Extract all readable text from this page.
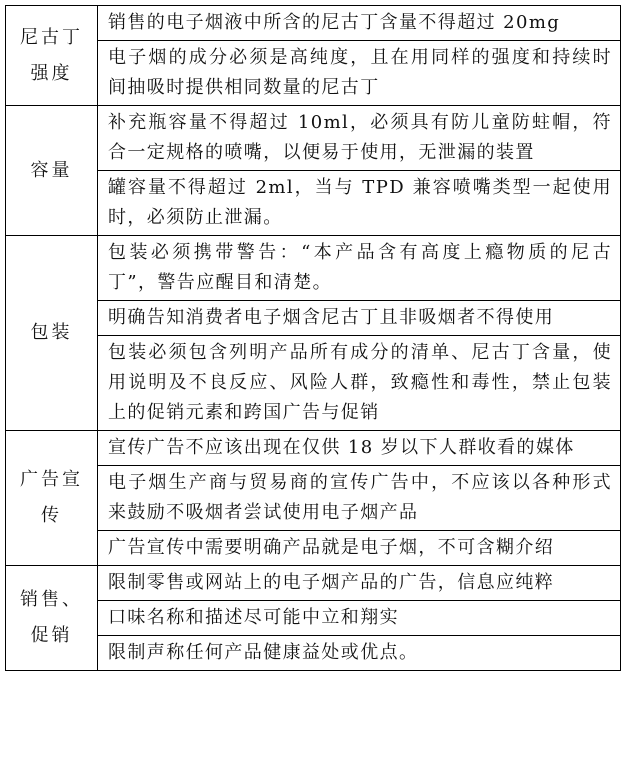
尼古丁强度	销售的电子烟液中所含的尼古丁含量不得超过 20mg
	电子烟的成分必须是高纯度，且在用同样的强度和持续时间抽吸时提供相同数量的尼古丁
容量	补充瓶容量不得超过 10ml，必须具有防儿童防蛀帽，符合一定规格的喷嘴，以便易于使用，无泄漏的装置
	罐容量不得超过 2ml，当与 TPD 兼容喷嘴类型一起使用时，必须防止泄漏。
包装	包装必须携带警告：“本产品含有高度上瘾物质的尼古丁”，警告应醒目和清楚。
	明确告知消费者电子烟含尼古丁且非吸烟者不得使用
	包装必须包含列明产品所有成分的清单、尼古丁含量，使用说明及不良反应、风险人群，致瘾性和毒性，禁止包装上的促销元素和跨国广告与促销
广告宣传	宣传广告不应该出现在仅供 18 岁以下人群收看的媒体
	电子烟生产商与贸易商的宣传广告中，不应该以各种形式来鼓励不吸烟者尝试使用电子烟产品
	广告宣传中需要明确产品就是电子烟，不可含糊介绍
销售、促销	限制零售或网站上的电子烟产品的广告，信息应纯粹
	口味名称和描述尽可能中立和翔实
	限制声称任何产品健康益处或优点。
